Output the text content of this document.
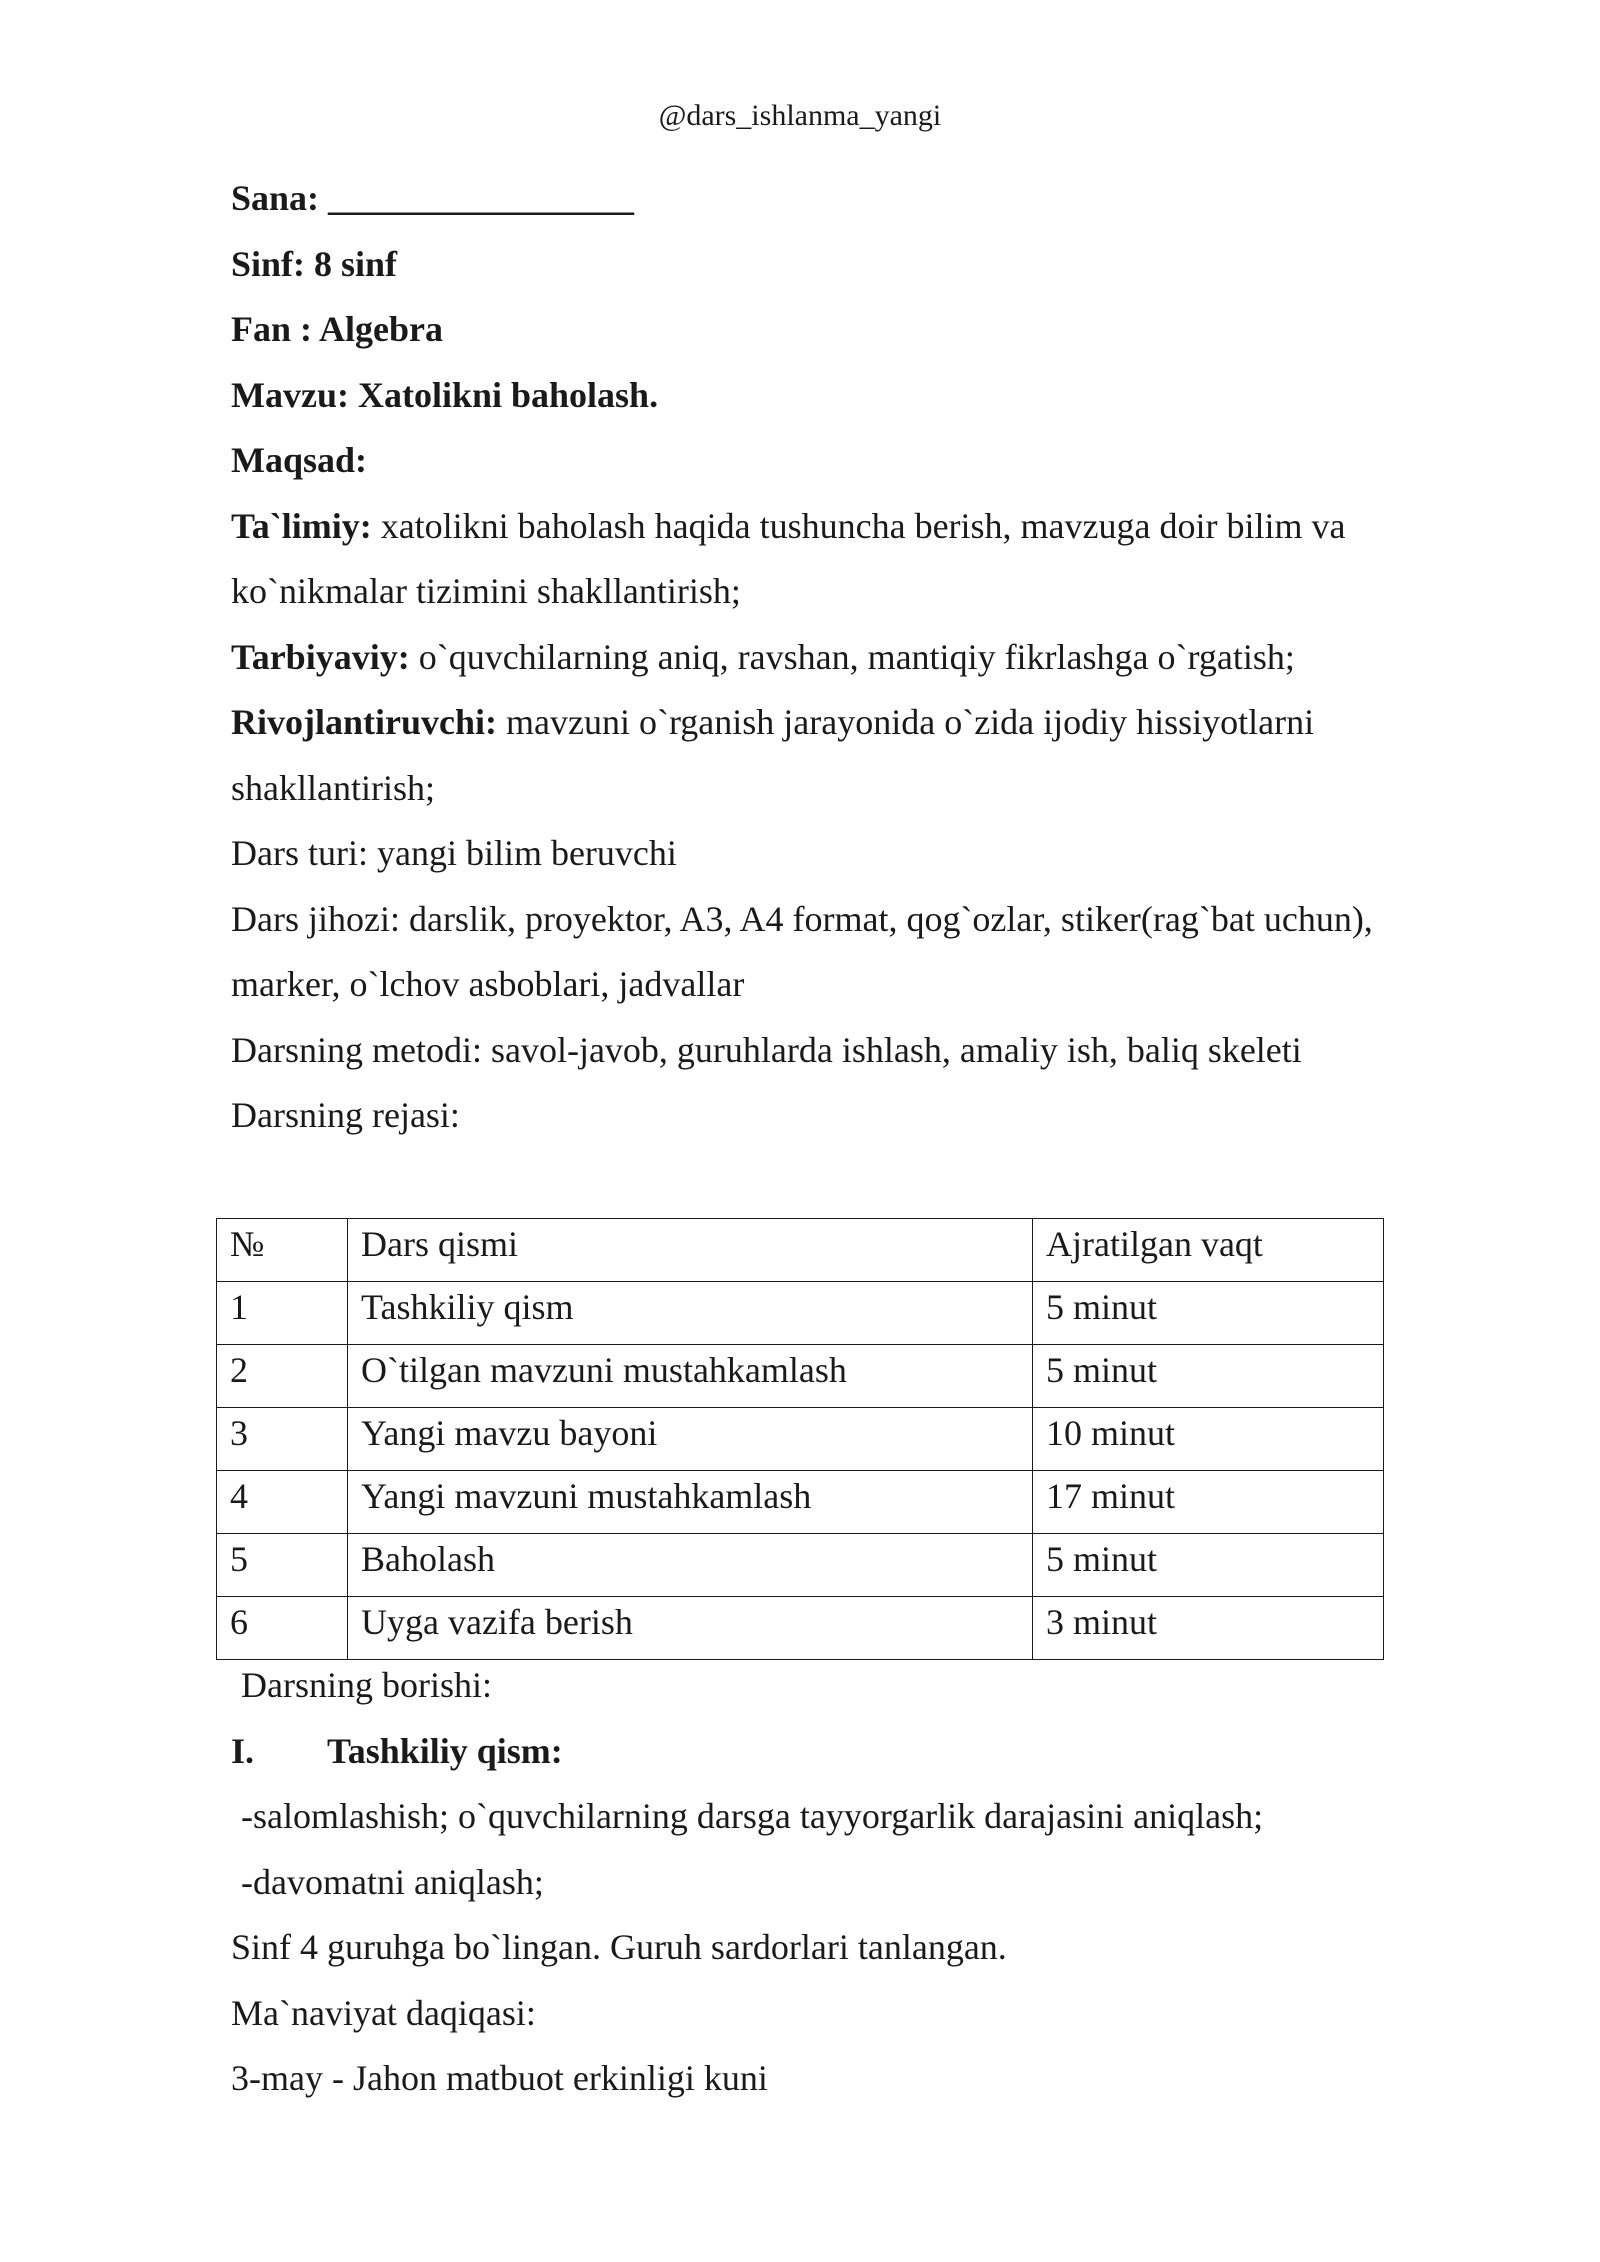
@dars_ishlanma_yangi

Sana: _________________

Sinf: 8 sinf

Fan : Algebra

Mavzu: Xatolikni baholash.

Maqsad:

Ta`limiy: xatolikni baholash haqida tushuncha berish, mavzuga doir bilim va

ko`nikmalar tizimini shakllantirish;

Tarbiyaviy: o`quvchilarning aniq, ravshan, mantiqiy fikrlashga o`rgatish;

Rivojlantiruvchi: mavzuni o`rganish jarayonida o`zida ijodiy hissiyotlarni

shakllantirish;

Dars turi: yangi bilim beruvchi

Dars jihozi: darslik, proyektor, A3, A4 format, qog`ozlar, stiker(rag`bat uchun),

marker, o`lchov asboblari, jadvallar

Darsning metodi: savol-javob, guruhlarda ishlash, amaliy ish, baliq skeleti

Darsning rejasi:

№	Dars qismi	Ajratilgan vaqt
1	Tashkiliy qism	5 minut
2	O`tilgan mavzuni mustahkamlash	5 minut
3	Yangi mavzu bayoni	10 minut
4	Yangi mavzuni mustahkamlash	17 minut
5	Baholash	5 minut
6	Uyga vazifa berish	3 minut

Darsning borishi:

I. Tashkiliy qism:

-salomlashish; o`quvchilarning darsga tayyorgarlik darajasini aniqlash;

-davomatni aniqlash;

Sinf 4 guruhga bo`lingan. Guruh sardorlari tanlangan.

Ma`naviyat daqiqasi:

3-may - Jahon matbuot erkinligi kuni
